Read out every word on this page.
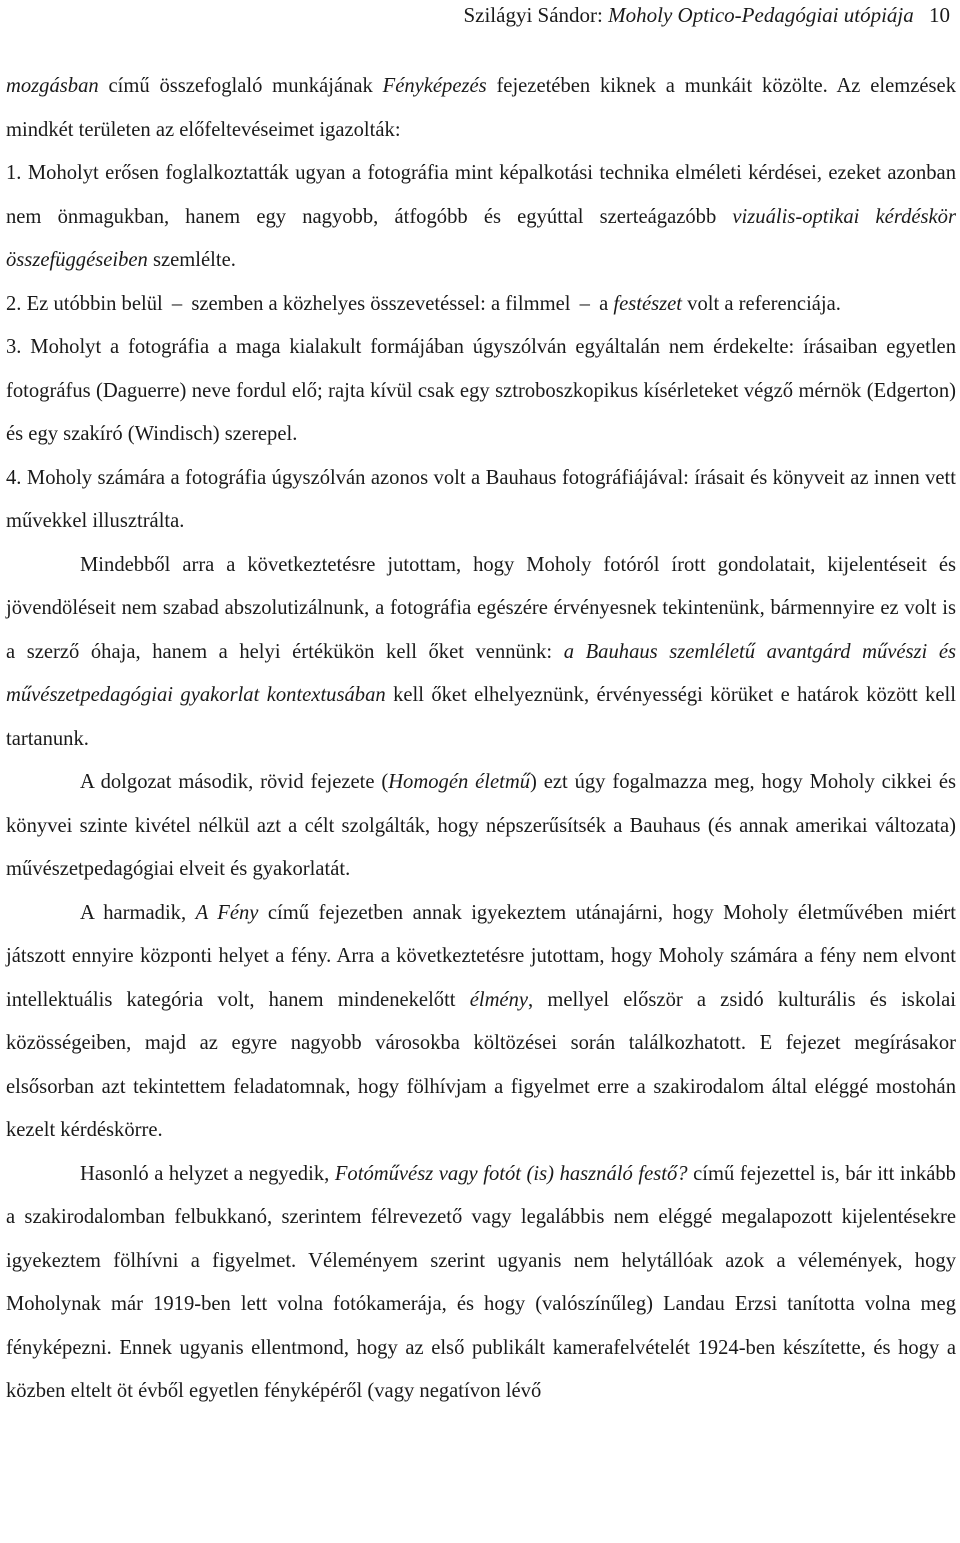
Szilágyi Sándor: Moholy Optico-Pedagógiai utópiája 10

mozgásban című összefoglaló munkájának Fényképezés fejezetében kiknek a munkáit közölte. Az elemzések mindkét területen az előfeltevéseimet igazolták:

1. Moholyt erősen foglalkoztatták ugyan a fotográfia mint képalkotási technika elméleti kérdései, ezeket azonban nem önmagukban, hanem egy nagyobb, átfogóbb és egyúttal szerteágazóbb vizuális-optikai kérdéskör összefüggéseiben szemlélte.

2. Ez utóbbin belül – szemben a közhelyes összevetéssel: a filmmel – a festészet volt a referenciája.

3. Moholyt a fotográfia a maga kialakult formájában úgyszólván egyáltalán nem érdekelte: írásaiban egyetlen fotográfus (Daguerre) neve fordul elő; rajta kívül csak egy sztroboszkopikus kísérleteket végző mérnök (Edgerton) és egy szakíró (Windisch) szerepel.

4. Moholy számára a fotográfia úgyszólván azonos volt a Bauhaus fotográfiájával: írásait és könyveit az innen vett művekkel illusztrálta.

Mindebből arra a következtetésre jutottam, hogy Moholy fotóról írott gondolatait, kijelentéseit és jövendöléseit nem szabad abszolutizálnunk, a fotográfia egészére érvényesnek tekintenünk, bármennyire ez volt is a szerző óhaja, hanem a helyi értékükön kell őket vennünk: a Bauhaus szemléletű avantgárd művészi és művészetpedagógiai gyakorlat kontextusában kell őket elhelyeznünk, érvényességi körüket e határok között kell tartanunk.

A dolgozat második, rövid fejezete (Homogén életmű) ezt úgy fogalmazza meg, hogy Moholy cikkei és könyvei szinte kivétel nélkül azt a célt szolgálták, hogy népszerűsítsék a Bauhaus (és annak amerikai változata) művészetpedagógiai elveit és gyakorlatát.

A harmadik, A Fény című fejezetben annak igyekeztem utánajárni, hogy Moholy életművében miért játszott ennyire központi helyet a fény. Arra a következtetésre jutottam, hogy Moholy számára a fény nem elvont intellektuális kategória volt, hanem mindenekelőtt élmény, mellyel először a zsidó kulturális és iskolai közösségeiben, majd az egyre nagyobb városokba költözései során találkozhatott. E fejezet megírásakor elsősorban azt tekintettem feladatomnak, hogy fölhívjam a figyelmet erre a szakirodalom által eléggé mostohán kezelt kérdéskörre.

Hasonló a helyzet a negyedik, Fotóművész vagy fotót (is) használó festő? című fejezettel is, bár itt inkább a szakirodalomban felbukkanó, szerintem félrevezető vagy legalábbis nem eléggé megalapozott kijelentésekre igyekeztem fölhívni a figyelmet. Véleményem szerint ugyanis nem helytállóak azok a vélemények, hogy Moholynak már 1919-ben lett volna fotókamerája, és hogy (valószínűleg) Landau Erzsi tanította volna meg fényképezni. Ennek ugyanis ellentmond, hogy az első publikált kamerafelvételét 1924-ben készítette, és hogy a közben eltelt öt évből egyetlen fényképéről (vagy negatívon lévő
